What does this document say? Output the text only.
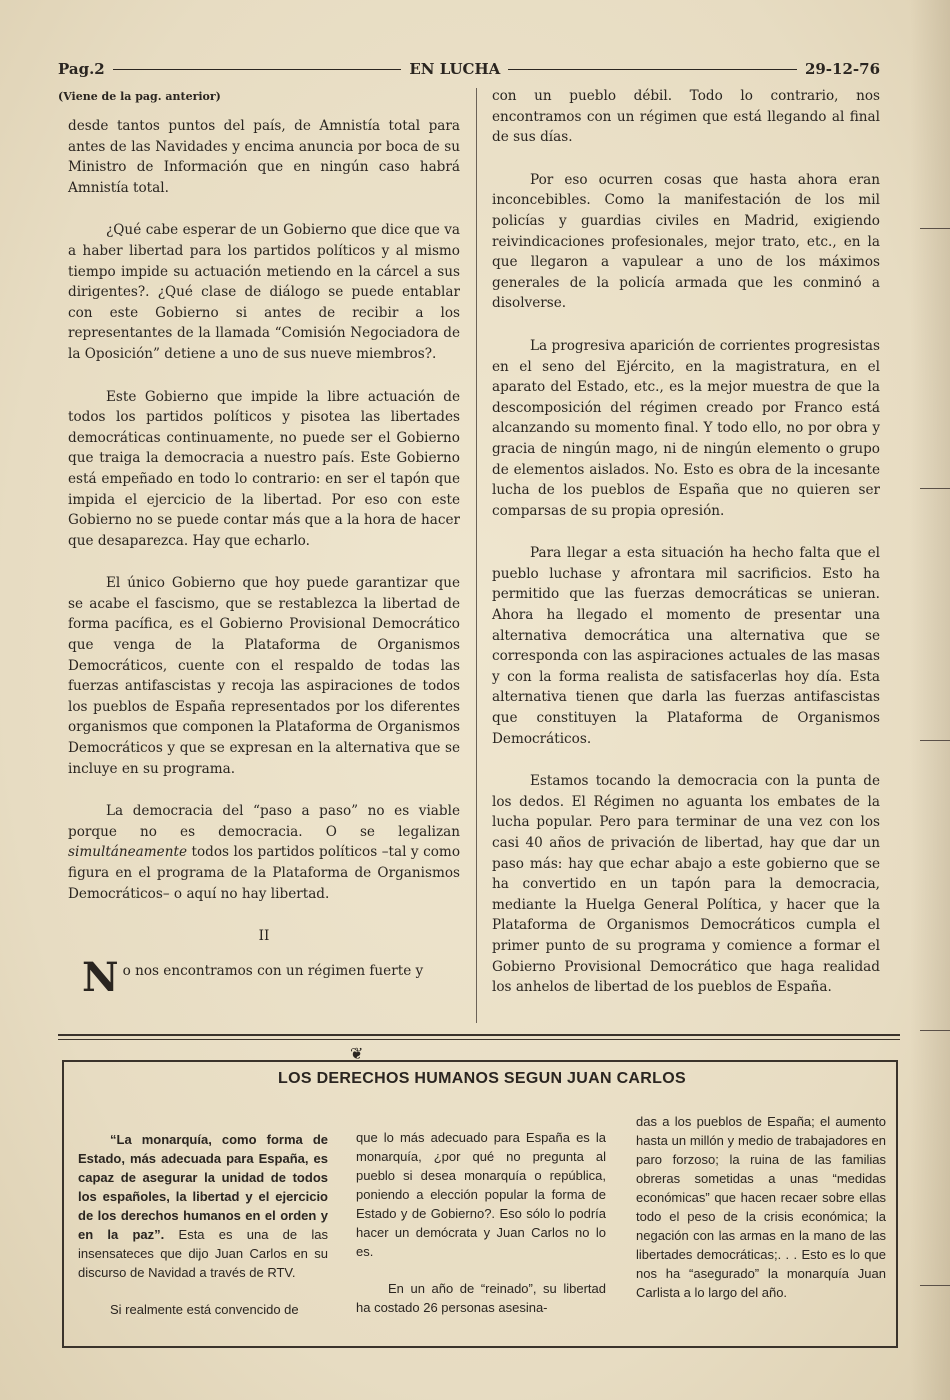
Pag.2	EN LUCHA	29-12-76
(Viene de la pag. anterior)

desde tantos puntos del país, de Amnistía total para antes de las Navidades y encima anuncia por boca de su Ministro de Información que en ningún caso habrá Amnistía total.

¿Qué cabe esperar de un Gobierno que dice que va a haber libertad para los partidos políticos y al mismo tiempo impide su actuación metiendo en la cárcel a sus dirigentes?. ¿Qué clase de diálogo se puede entablar con este Gobierno si antes de recibir a los representantes de la llamada “Comisión Negociadora de la Oposición” detiene a uno de sus nueve miembros?.

Este Gobierno que impide la libre actuación de todos los partidos políticos y pisotea las libertades democráticas continuamente, no puede ser el Gobierno que traiga la democracia a nuestro país. Este Gobierno está empeñado en todo lo contrario: en ser el tapón que impida el ejercicio de la libertad. Por eso con este Gobierno no se puede contar más que a la hora de hacer que desaparezca. Hay que echarlo.

El único Gobierno que hoy puede garantizar que se acabe el fascismo, que se restablezca la libertad de forma pacífica, es el Gobierno Provisional Democrático que venga de la Plataforma de Organismos Democráticos, cuente con el respaldo de todas las fuerzas antifascistas y recoja las aspiraciones de todos los pueblos de España representados por los diferentes organismos que componen la Plataforma de Organismos Democráticos y que se expresan en la alternativa que se incluye en su programa.

La democracia del “paso a paso” no es viable porque no es democracia. O se legalizan simultáneamente todos los partidos políticos –tal y como figura en el programa de la Plataforma de Organismos Democráticos– o aquí no hay libertad.

II

No nos encontramos con un régimen fuerte y

con un pueblo débil. Todo lo contrario, nos encontramos con un régimen que está llegando al final de sus días.

Por eso ocurren cosas que hasta ahora eran inconcebibles. Como la manifestación de los mil policías y guardias civiles en Madrid, exigiendo reivindicaciones profesionales, mejor trato, etc., en la que llegaron a vapulear a uno de los máximos generales de la policía armada que les conminó a disolverse.

La progresiva aparición de corrientes progresistas en el seno del Ejército, en la magistratura, en el aparato del Estado, etc., es la mejor muestra de que la descomposición del régimen creado por Franco está alcanzando su momento final. Y todo ello, no por obra y gracia de ningún mago, ni de ningún elemento o grupo de elementos aislados. No. Esto es obra de la incesante lucha de los pueblos de España que no quieren ser comparsas de su propia opresión.

Para llegar a esta situación ha hecho falta que el pueblo luchase y afrontara mil sacrificios. Esto ha permitido que las fuerzas democráticas se unieran. Ahora ha llegado el momento de presentar una alternativa democrática una alternativa que se corresponda con las aspiraciones actuales de las masas y con la forma realista de satisfacerlas hoy día. Esta alternativa tienen que darla las fuerzas antifascistas que constituyen la Plataforma de Organismos Democráticos.

Estamos tocando la democracia con la punta de los dedos. El Régimen no aguanta los embates de la lucha popular. Pero para terminar de una vez con los casi 40 años de privación de libertad, hay que dar un paso más: hay que echar abajo a este gobierno que se ha convertido en un tapón para la democracia, mediante la Huelga General Política, y hacer que la Plataforma de Organismos Democráticos cumpla el primer punto de su programa y comience a formar el Gobierno Provisional Democrático que haga realidad los anhelos de libertad de los pueblos de España.

❦
LOS DERECHOS HUMANOS SEGUN JUAN CARLOS

“La monarquía, como forma de Estado, más adecuada para España, es capaz de asegurar la unidad de todos los españoles, la libertad y el ejercicio de los derechos humanos en el orden y en la paz”. Esta es una de las insensateces que dijo Juan Carlos en su discurso de Navidad a través de RTV.

Si realmente está convencido de

que lo más adecuado para España es la monarquía, ¿por qué no pregunta al pueblo si desea monarquía o república, poniendo a elección popular la forma de Estado y de Gobierno?. Eso sólo lo podría hacer un demócrata y Juan Carlos no lo es.

En un año de “reinado”, su libertad ha costado 26 personas asesina-

das a los pueblos de España; el aumento hasta un millón y medio de trabajadores en paro forzoso; la ruina de las familias obreras sometidas a unas “medidas económicas” que hacen recaer sobre ellas todo el peso de la crisis económica; la negación con las armas en la mano de las libertades democráticas;. . . Esto es lo que nos ha “asegurado” la monarquía Juan Carlista a lo largo del año.
